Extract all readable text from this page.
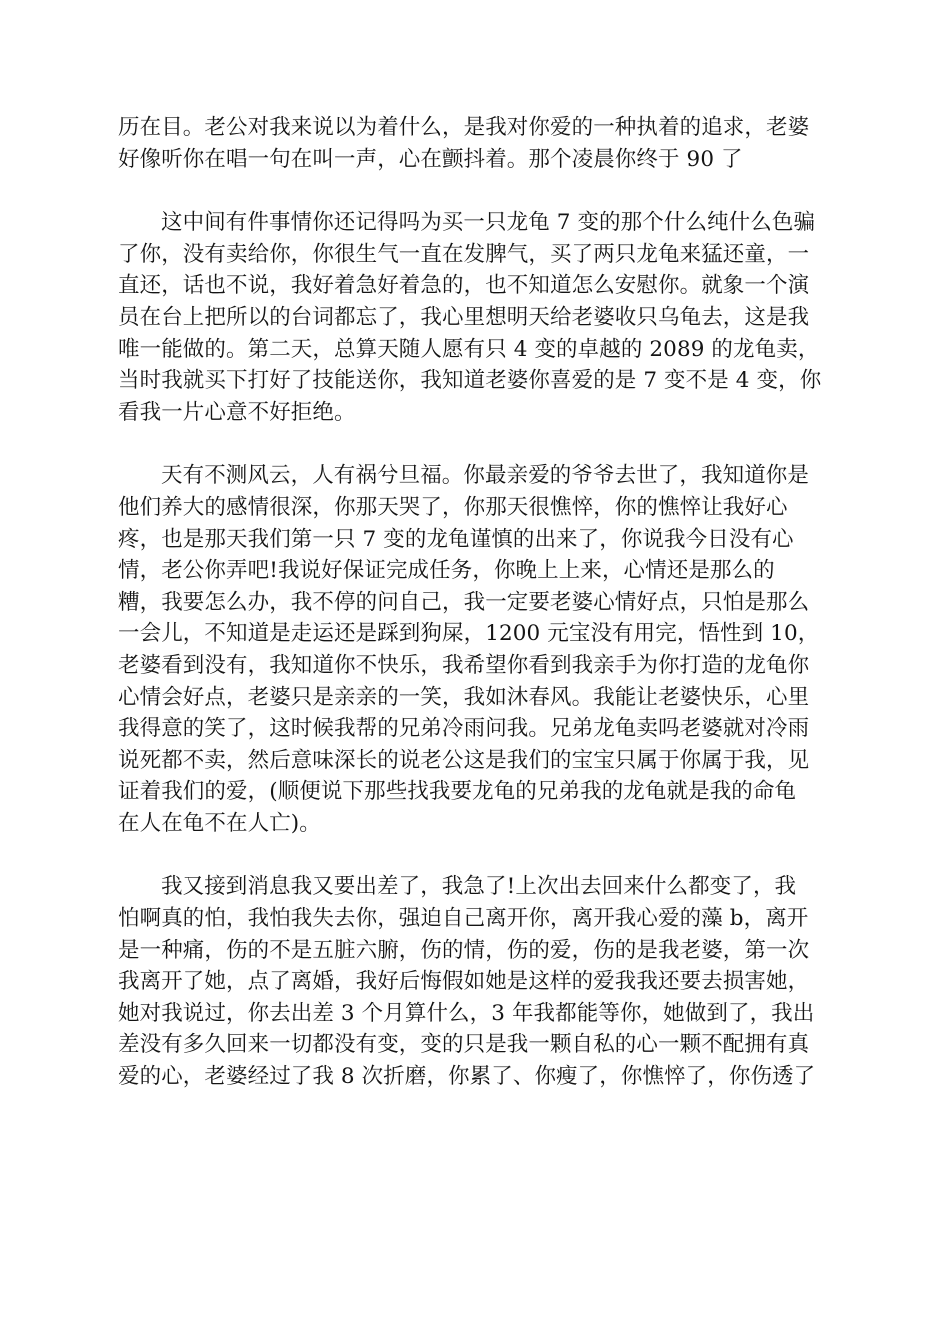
历在目。老公对我来说以为着什么，是我对你爱的一种执着的追求，老婆
好像听你在唱一句在叫一声，心在颤抖着。那个凌晨你终于 90 了
这中间有件事情你还记得吗为买一只龙龟 7 变的那个什么纯什么色骗
了你，没有卖给你，你很生气一直在发脾气，买了两只龙龟来猛还童，一
直还，话也不说，我好着急好着急的，也不知道怎么安慰你。就象一个演
员在台上把所以的台词都忘了，我心里想明天给老婆收只乌龟去，这是我
唯一能做的。第二天，总算天随人愿有只 4 变的卓越的 2089 的龙龟卖，
当时我就买下打好了技能送你，我知道老婆你喜爱的是 7 变不是 4 变，你
看我一片心意不好拒绝。
天有不测风云，人有祸兮旦福。你最亲爱的爷爷去世了，我知道你是
他们养大的感情很深，你那天哭了，你那天很憔悴，你的憔悴让我好心
疼，也是那天我们第一只 7 变的龙龟谨慎的出来了，你说我今日没有心
情，老公你弄吧!我说好保证完成任务，你晚上上来，心情还是那么的
糟，我要怎么办，我不停的问自己，我一定要老婆心情好点，只怕是那么
一会儿，不知道是走运还是踩到狗屎，1200 元宝没有用完，悟性到 10，
老婆看到没有，我知道你不快乐，我希望你看到我亲手为你打造的龙龟你
心情会好点，老婆只是亲亲的一笑，我如沐春风。我能让老婆快乐，心里
我得意的笑了，这时候我帮的兄弟冷雨问我。兄弟龙龟卖吗老婆就对冷雨
说死都不卖，然后意味深长的说老公这是我们的宝宝只属于你属于我，见
证着我们的爱，(顺便说下那些找我要龙龟的兄弟我的龙龟就是我的命龟
在人在龟不在人亡)。
我又接到消息我又要出差了，我急了!上次出去回来什么都变了，我
怕啊真的怕，我怕我失去你，强迫自己离开你，离开我心爱的藻 b，离开
是一种痛，伤的不是五脏六腑，伤的情，伤的爱，伤的是我老婆，第一次
我离开了她，点了离婚，我好后悔假如她是这样的爱我我还要去损害她，
她对我说过，你去出差 3 个月算什么，3 年我都能等你，她做到了，我出
差没有多久回来一切都没有变，变的只是我一颗自私的心一颗不配拥有真
爱的心，老婆经过了我 8 次折磨，你累了、你瘦了，你憔悴了，你伤透了
